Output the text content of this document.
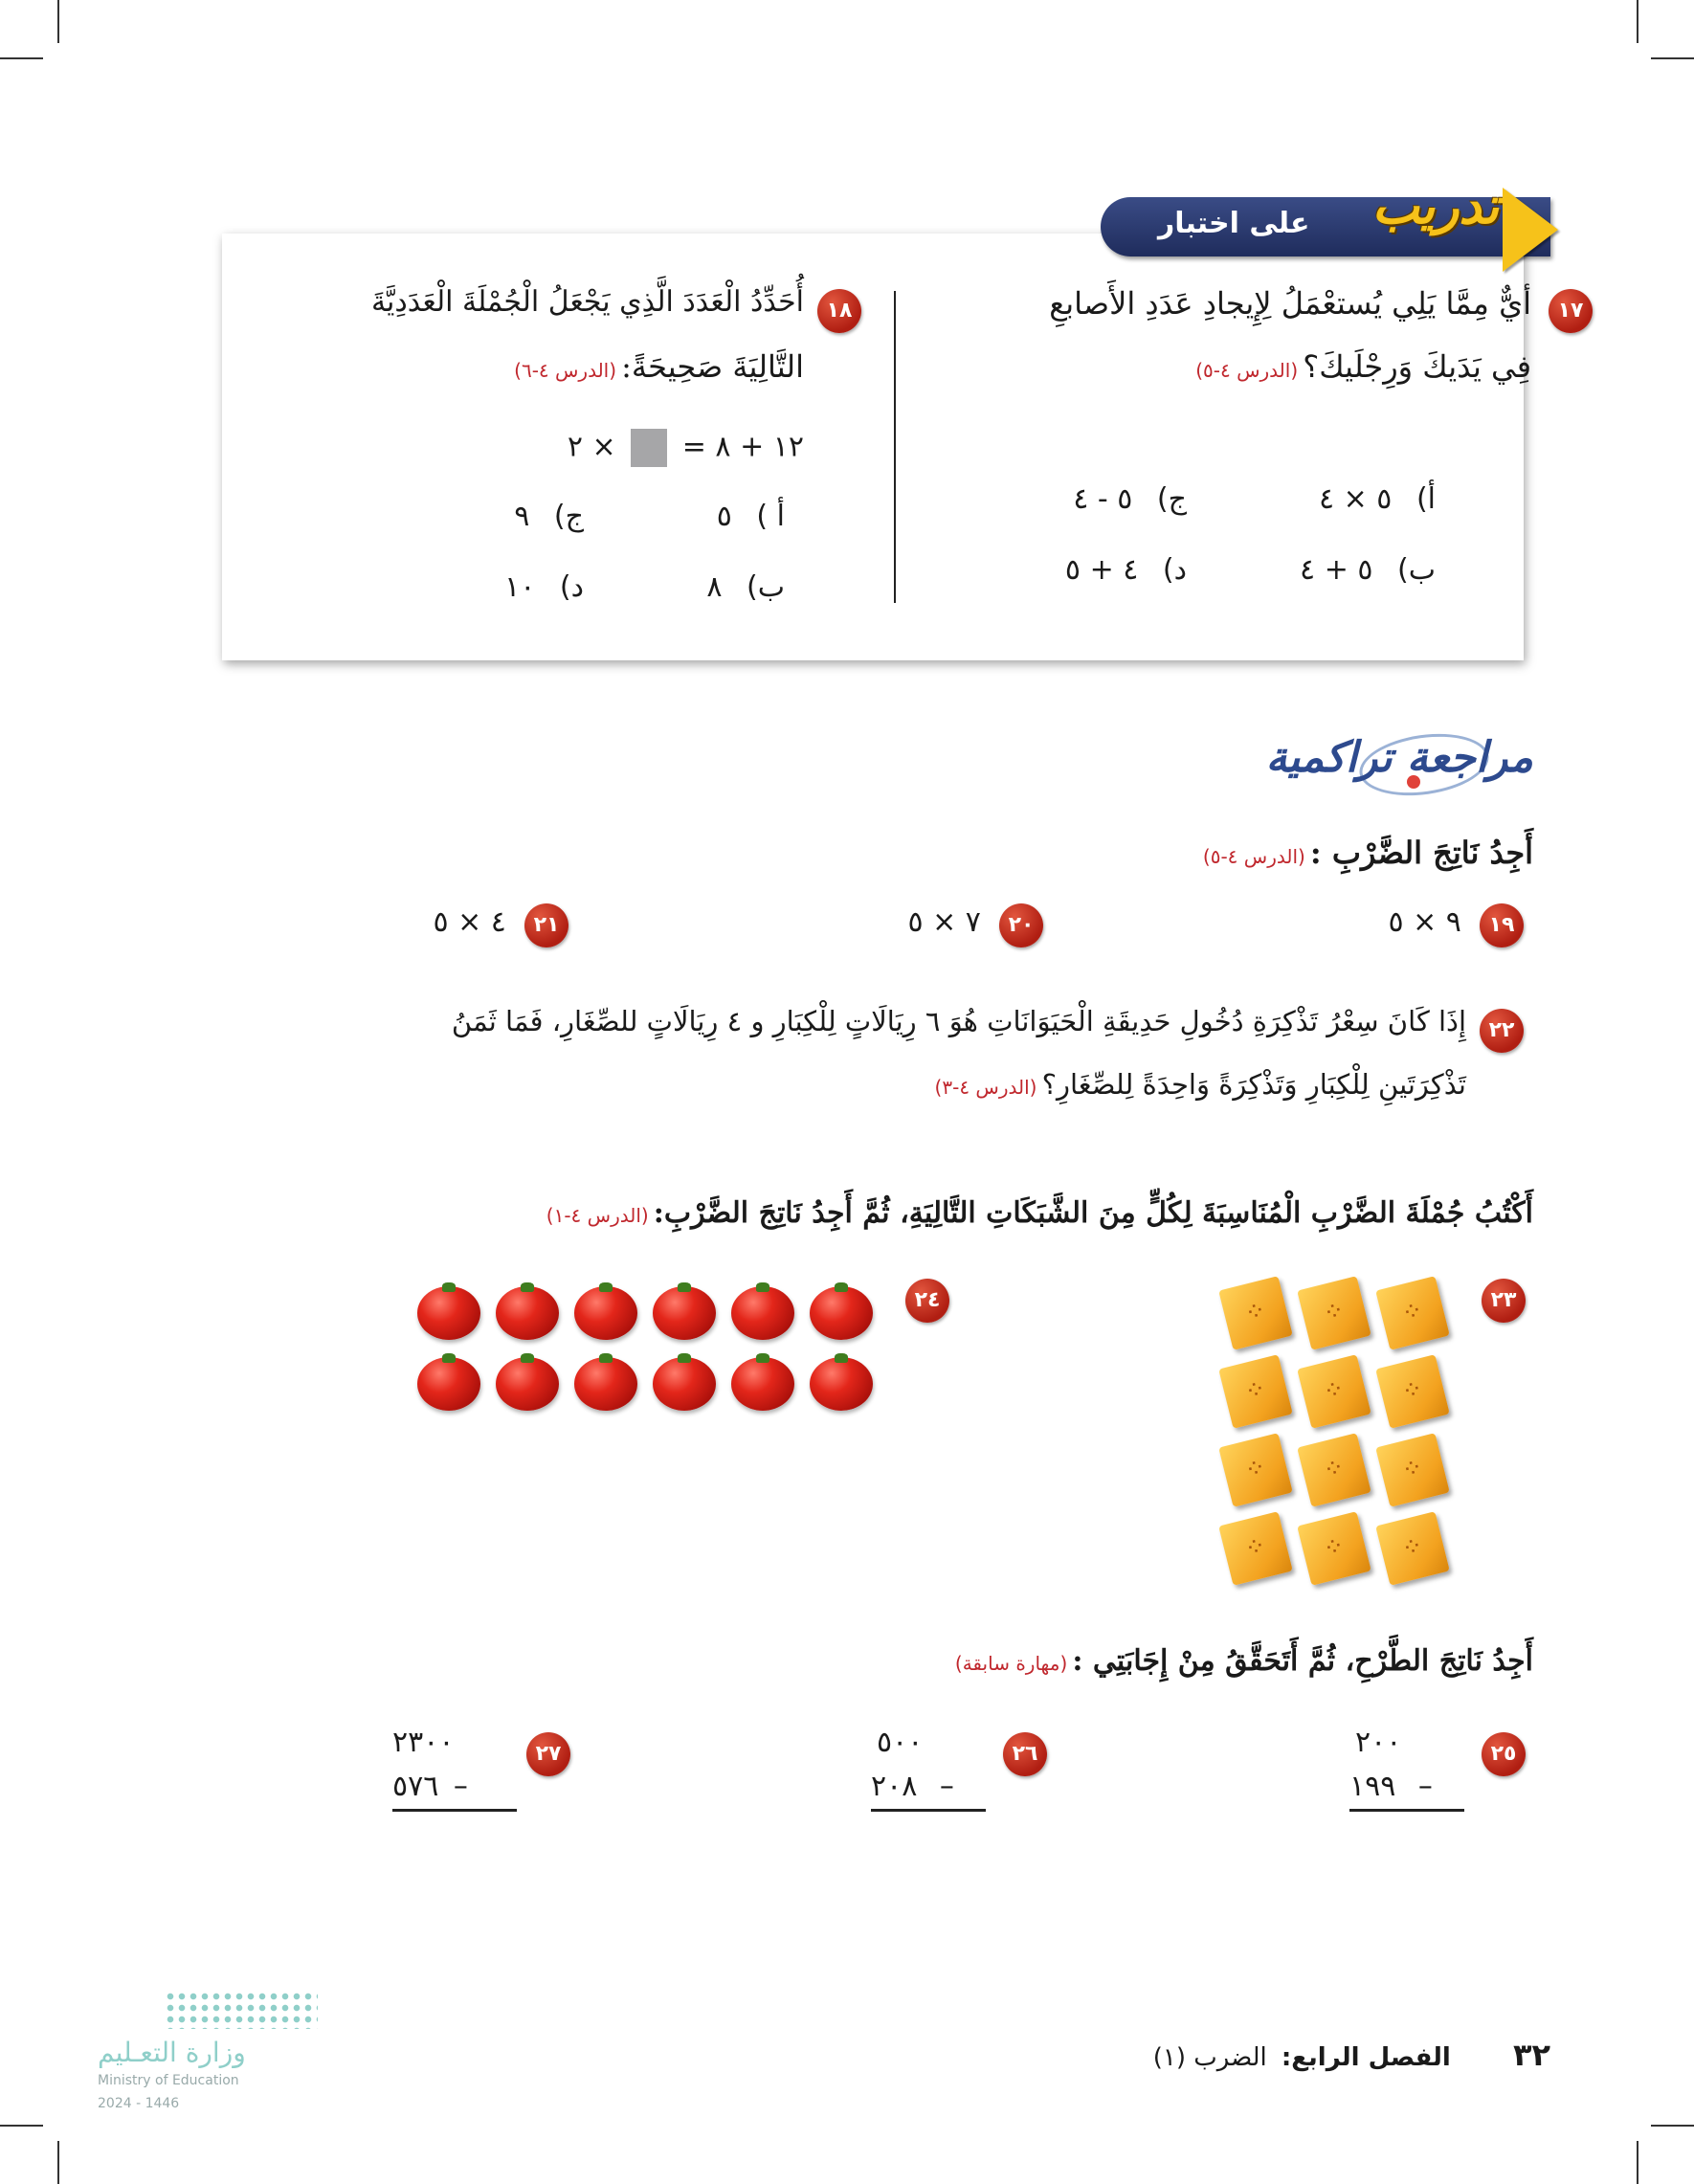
على اختبار تدريب
١٧
أيٌّ مِمَّا يَلِي يُستعْمَلُ لِإِيجادِ عَدَدِ الأَصابعِ
فِي يَدَيكَ وَرِجْلَيكَ؟ (الدرس ٤-٥)
أ) ٥ × ٤
ج) ٥ - ٤
ب) ٥ + ٤
د) ٤ + ٥
١٨
أُحَدِّدُ الْعَدَدَ الَّذِي يَجْعَلُ الْجُمْلَةَ الْعَدَدِيَّةَ
التَّالِيَةَ صَحِيحَةً: (الدرس ٤-٦)
١٢ + ٨ =  × ٢
أ ) ٥
ج) ٩
ب) ٨
د) ١٠
مراجعة تراكمية
أَجِدُ نَاتِجَ الضَّرْبِ : (الدرس ٤-٥)
١٩ ٩ × ٥
٢٠ ٧ × ٥
٢١ ٤ × ٥
٢٢
إِذَا كَانَ سِعْرُ تَذْكِرَةِ دُخُولِ حَدِيقَةِ الْحَيَوَانَاتِ هُوَ ٦ رِيَالَاتٍ لِلْكِبَارِ و ٤ رِيَالَاتٍ للصِّغَارِ، فَمَا ثَمَنُ
تَذْكِرَتَينِ لِلْكِبَارِ وَتَذْكِرَةً وَاحِدَةً لِلصِّغَارِ؟ (الدرس ٤-٣)
أَكْتُبُ جُمْلَةَ الضَّرْبِ الْمُنَاسِبَةَ لِكُلٍّ مِنَ الشَّبَكَاتِ التَّالِيَةِ، ثُمَّ أَجِدُ نَاتِجَ الضَّرْبِ: (الدرس ٤-١)
٢٣
⁘
⁘
⁘
⁘
⁘
⁘
⁘
⁘
⁘
⁘
⁘
⁘
٢٤
أَجِدُ نَاتِجَ الطَّرْحِ، ثُمَّ أَتَحَقَّقُ مِنْ إِجَابَتِي : (مهارة سابقة)
٢٥
٢٠٠
١٩٩ –
٢٦
٥٠٠
٢٠٨ –
٢٧
٢٣٠٠
٥٧٦ –
وزارة التعـليم
Ministry of Education
2024 - 1446
٣٢ الفصل الرابع: الضرب (١)
